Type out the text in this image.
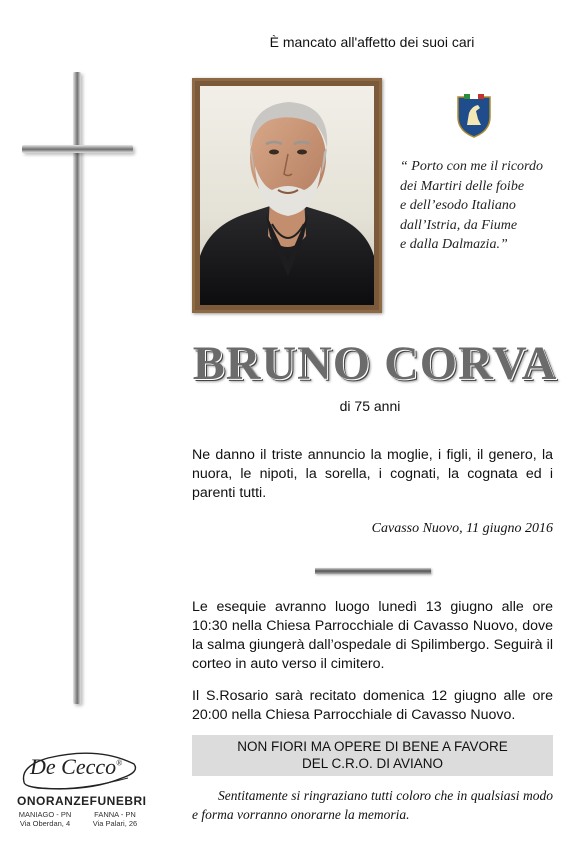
È mancato all'affetto dei suoi cari
“ Porto con me il ricordo
dei Martiri delle foibe
e dell’esodo Italiano
dall’Istria, da Fiume
e dalla Dalmazia.”
BRUNO CORVA
di 75 anni
Ne danno il triste annuncio la moglie, i figli, il genero, la nuora, le nipoti, la sorella, i cognati, la cognata ed i parenti tutti.
Cavasso Nuovo, 11 giugno 2016
Le esequie avranno luogo lunedì 13 giugno alle ore 10:30 nella Chiesa Parrocchiale di Cavasso Nuovo, dove la salma giungerà dall’ospedale di Spilimbergo. Seguirà il corteo in auto verso il cimitero.
Il S.Rosario sarà recitato domenica 12 giugno alle ore 20:00 nella Chiesa Parrocchiale di Cavasso Nuovo.
NON FIORI MA OPERE DI BENE A FAVORE
DEL C.R.O. DI AVIANO
Sentitamente si ringraziano tutti coloro che in qualsiasi modo e forma vorranno onorarne la memoria.
De Cecco®
ONORANZE FUNEBRI
MANIAGO - PN
Via Oberdan, 4
FANNA - PN
Via Palari, 26
